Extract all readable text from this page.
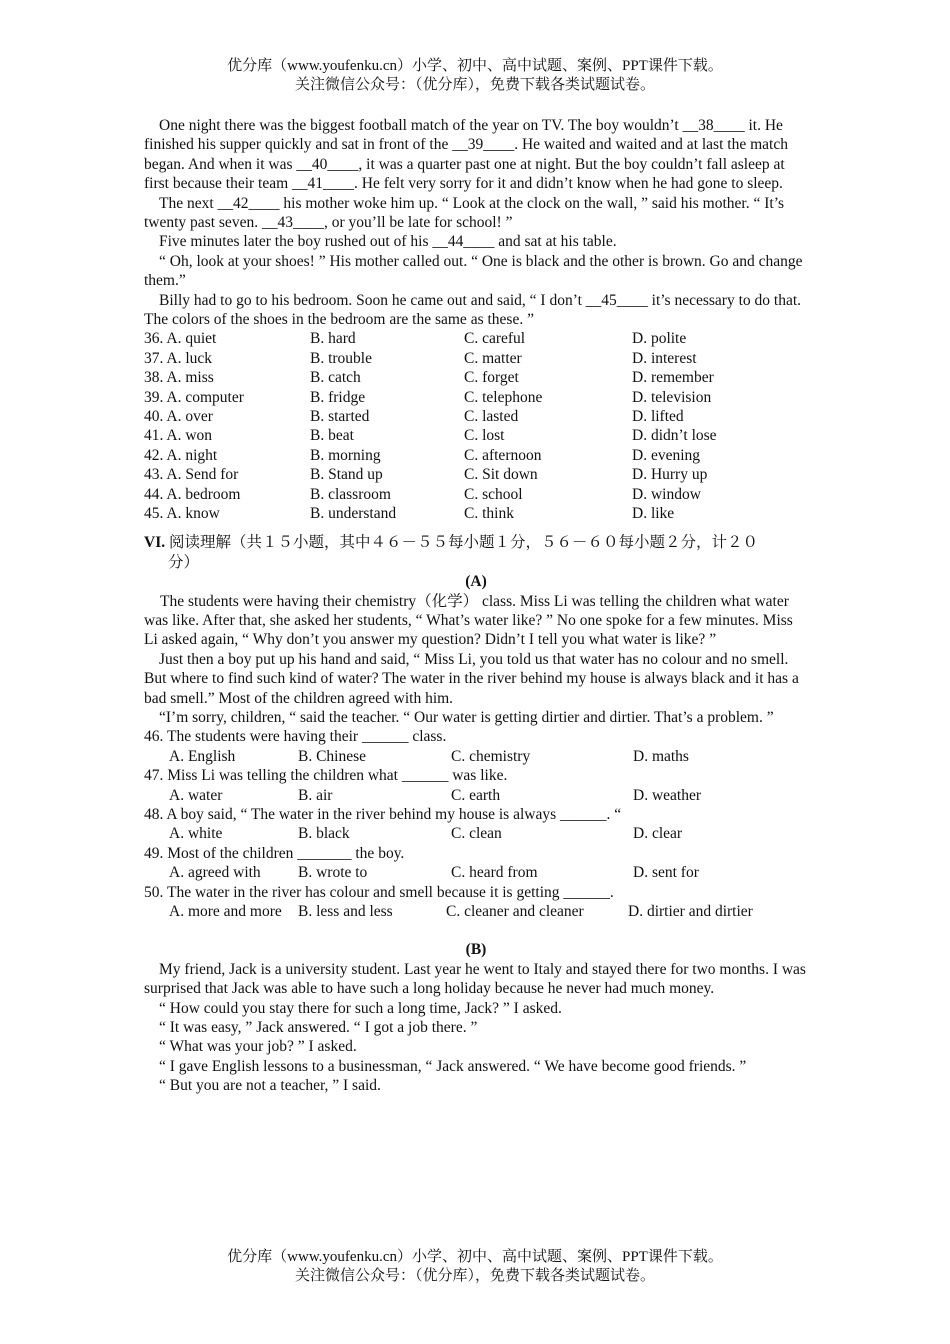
优分库（www.youfenku.cn）小学、初中、高中试题、案例、PPT课件下载。
关注微信公众号：（优分库），免费下载各类试题试卷。

One night there was the biggest football match of the year on TV. The boy wouldn’t __38____ it. He finished his supper quickly and sat in front of the __39____. He waited and waited and at last the match began. And when it was __40____, it was a quarter past one at night. But the boy couldn’t fall asleep at first because their team __41____. He felt very sorry for it and didn’t know when he had gone to sleep.

The next __42____ his mother woke him up. “ Look at the clock on the wall, ” said his mother. “ It’s twenty past seven. __43____, or you’ll be late for school! ”

Five minutes later the boy rushed out of his __44____ and sat at his table.

“ Oh, look at your shoes! ” His mother called out. “ One is black and the other is brown. Go and change them.”

Billy had to go to his bedroom. Soon he came out and said, “ I don’t __45____ it’s necessary to do that. The colors of the shoes in the bedroom are the same as these. ”

36. A. quiet	B. hard	C. careful	D. polite
37. A. luck	B. trouble	C. matter	D. interest
38. A. miss	B. catch	C. forget	D. remember
39. A. computer	B. fridge	C. telephone	D. television
40. A. over	B. started	C. lasted	D. lifted
41. A. won	B. beat	C. lost	D. didn’t lose
42. A. night	B. morning	C. afternoon	D. evening
43. A. Send for	B. Stand up	C. Sit down	D. Hurry up
44. A. bedroom	B. classroom	C. school	D. window
45. A. know	B. understand	C. think	D. like
VI. 阅读理解（共１５小题，其中４６－５５每小题１分，５６－６０每小题２分，计２０
分）
(A)

The students were having their chemistry（化学） class. Miss Li was telling the children what water was like. After that, she asked her students, “ What’s water like? ” No one spoke for a few minutes. Miss Li asked again, “ Why don’t you answer my question? Didn’t I tell you what water is like? ”

Just then a boy put up his hand and said, “ Miss Li, you told us that water has no colour and no smell. But where to find such kind of water? The water in the river behind my house is always black and it has a bad smell.” Most of the children agreed with him.

“I’m sorry, children, “ said the teacher. “ Our water is getting dirtier and dirtier. That’s a problem. ”

46. The students were having their ______ class.
A. English	B. Chinese	C. chemistry	D. maths
47. Miss Li was telling the children what ______ was like.
A. water	B. air	C. earth	D. weather
48. A boy said, “ The water in the river behind my house is always ______. “
A. white	B. black	C. clean	D. clear
49. Most of the children _______ the boy.
A. agreed with	B. wrote to	C. heard from	D. sent for
50. The water in the river has colour and smell because it is getting ______.
A. more and more	B. less and less	C. cleaner and cleaner	D. dirtier and dirtier
(B)

My friend, Jack is a university student. Last year he went to Italy and stayed there for two months. I was surprised that Jack was able to have such a long holiday because he never had much money.

“ How could you stay there for such a long time, Jack? ” I asked.

“ It was easy, ” Jack answered. “ I got a job there. ”

“ What was your job? ” I asked.

“ I gave English lessons to a businessman, “ Jack answered. “ We have become good friends. ”

“ But you are not a teacher, ” I said.

优分库（www.youfenku.cn）小学、初中、高中试题、案例、PPT课件下载。
关注微信公众号：（优分库），免费下载各类试题试卷。
